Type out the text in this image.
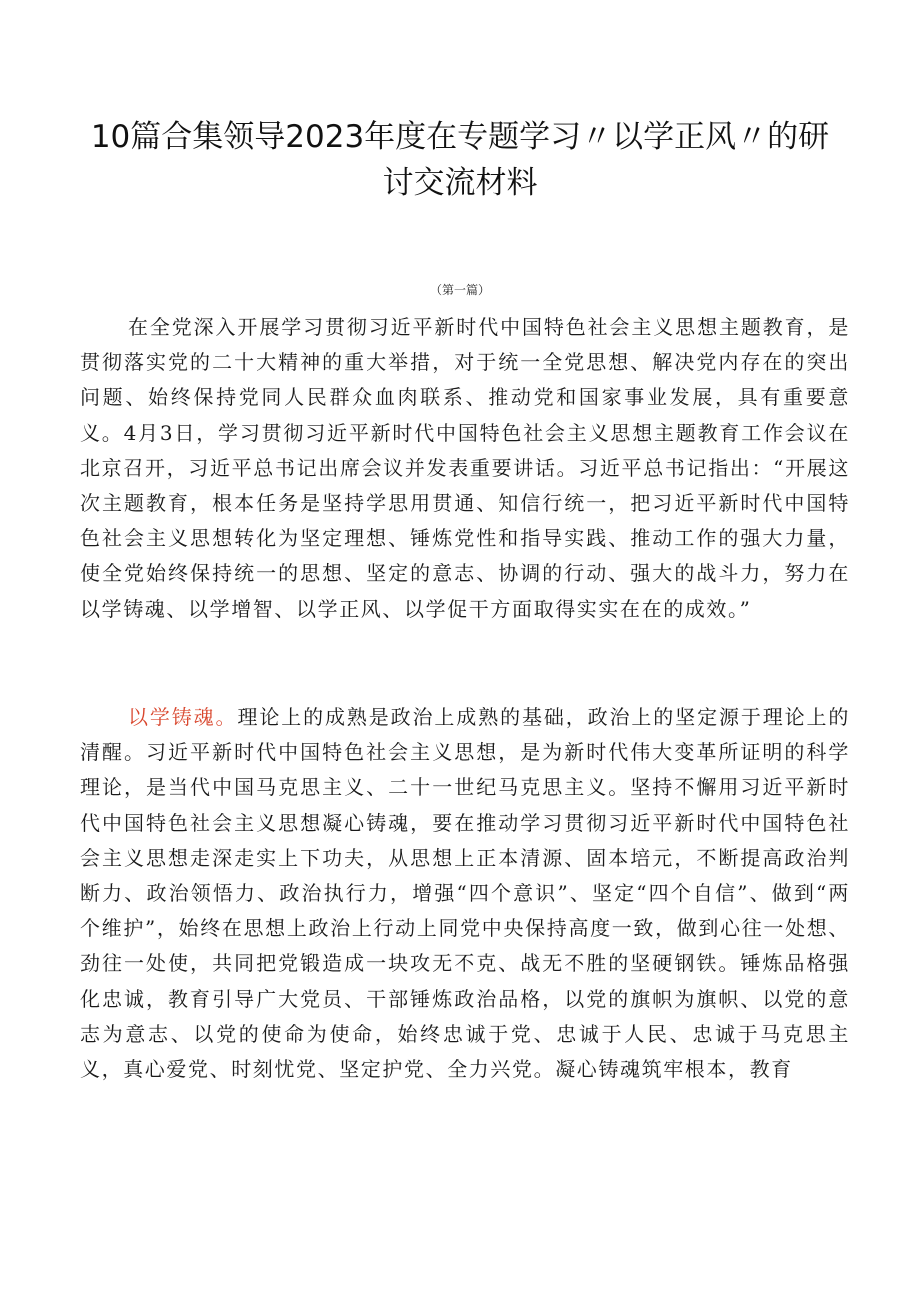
10篇合集领导2023年度在专题学习〃以学正风〃的研
讨交流材料
（第一篇）

在全党深入开展学习贯彻习近平新时代中国特色社会主义思想主题教育，是贯彻落实党的二十大精神的重大举措，对于统一全党思想、解决党内存在的突出问题、始终保持党同人民群众血肉联系、推动党和国家事业发展，具有重要意义。4月3日，学习贯彻习近平新时代中国特色社会主义思想主题教育工作会议在北京召开，习近平总书记出席会议并发表重要讲话。习近平总书记指出：“开展这次主题教育，根本任务是坚持学思用贯通、知信行统一，把习近平新时代中国特色社会主义思想转化为坚定理想、锤炼党性和指导实践、推动工作的强大力量，使全党始终保持统一的思想、坚定的意志、协调的行动、强大的战斗力，努力在以学铸魂、以学增智、以学正风、以学促干方面取得实实在在的成效。”

以学铸魂。理论上的成熟是政治上成熟的基础，政治上的坚定源于理论上的清醒。习近平新时代中国特色社会主义思想，是为新时代伟大变革所证明的科学理论，是当代中国马克思主义、二十一世纪马克思主义。坚持不懈用习近平新时代中国特色社会主义思想凝心铸魂，要在推动学习贯彻习近平新时代中国特色社会主义思想走深走实上下功夫，从思想上正本清源、固本培元，不断提高政治判断力、政治领悟力、政治执行力，增强“四个意识”、坚定“四个自信”、做到“两个维护”，始终在思想上政治上行动上同党中央保持高度一致，做到心往一处想、劲往一处使，共同把党锻造成一块攻无不克、战无不胜的坚硬钢铁。锤炼品格强化忠诚，教育引导广大党员、干部锤炼政治品格，以党的旗帜为旗帜、以党的意志为意志、以党的使命为使命，始终忠诚于党、忠诚于人民、忠诚于马克思主义，真心爱党、时刻忧党、坚定护党、全力兴党。凝心铸魂筑牢根本，教育
